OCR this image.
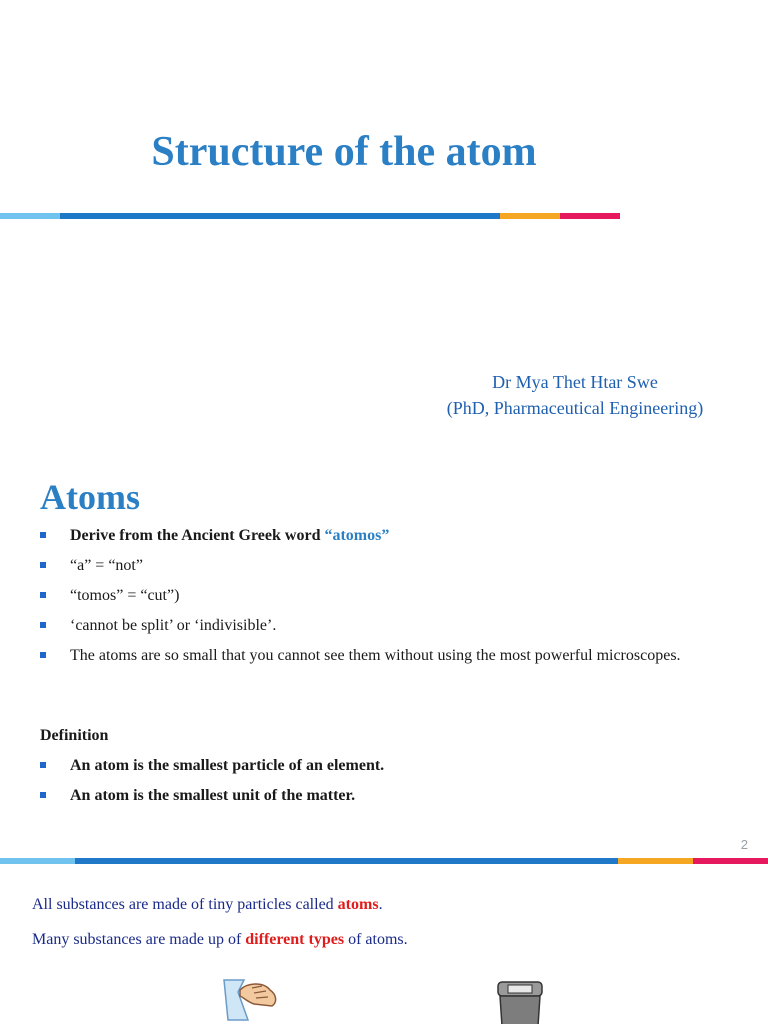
Structure of the atom
Dr Mya Thet Htar Swe
(PhD, Pharmaceutical Engineering)
Atoms
Derive from the Ancient Greek word “atomos”
“a” = “not”
“tomos” = “cut”)
‘cannot be split’ or ‘indivisible’.
The atoms are so small that you cannot see them without using the most powerful microscopes.
Definition
An atom is the smallest particle of an element.
An atom is the smallest unit of the matter.
2
All substances are made of tiny particles called atoms.
Many substances are made up of different types of atoms.
